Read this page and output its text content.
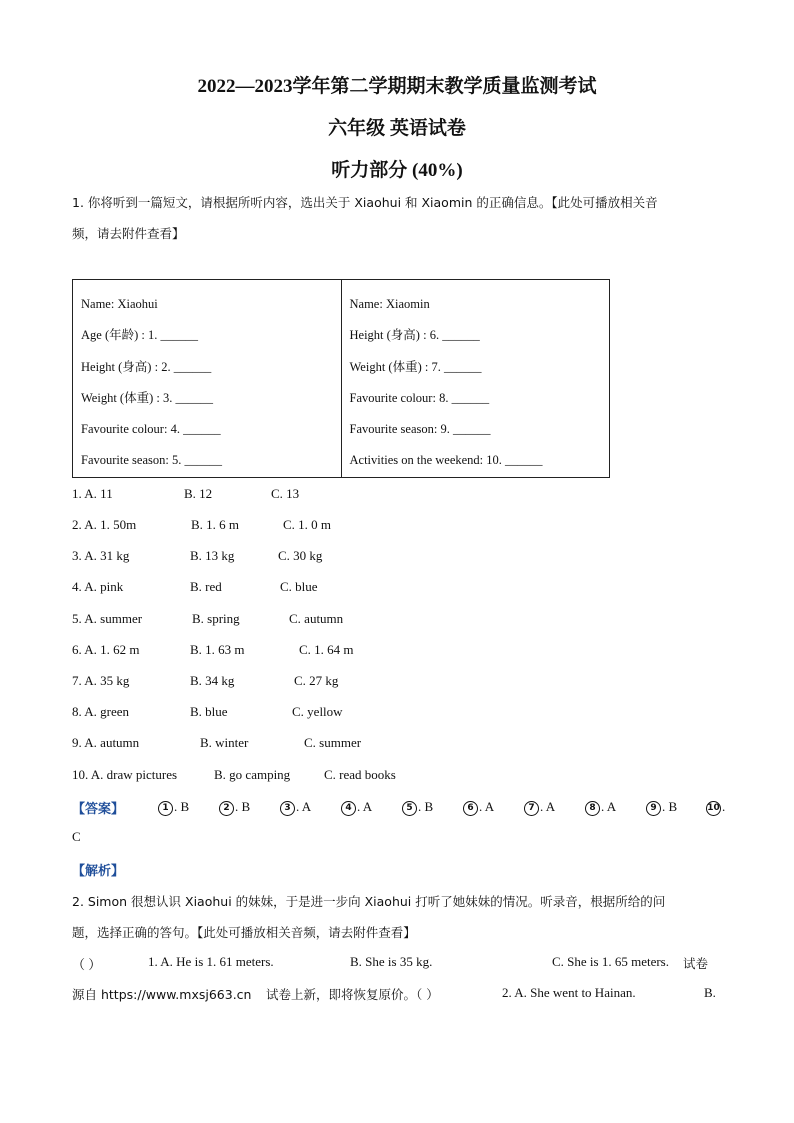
2022—2023学年第二学期期末教学质量监测考试
六年级 英语试卷
听力部分 (40%)
1. 你将听到一篇短文，请根据所听内容，选出关于 Xiaohui 和 Xiaomin 的正确信息。【此处可播放相关音
频，请去附件查看】
Name: Xiaohui
Age (年龄) : 1. ______
Height (身高) : 2. ______
Weight (体重) : 3. ______
Favourite colour: 4. ______
Favourite season: 5. ______

Name: Xiaomin
Height (身高) : 6. ______
Weight (体重) : 7. ______
Favourite colour: 8. ______
Favourite season: 9. ______
Activities on the weekend: 10. ______
1. A. 11	B. 12	C. 13
2. A. 1. 50m	B. 1. 6 m	C. 1. 0 m
3. A. 31 kg	B. 13 kg	C. 30 kg
4. A. pink	B. red	C. blue
5. A. summer	B. spring	C. autumn
6. A. 1. 62 m	B. 1. 63 m	C. 1. 64 m
7. A. 35 kg	B. 34 kg	C. 27 kg
8. A. green	B. blue	C. yellow
9. A. autumn	B. winter	C. summer
10. A. draw pictures	B. go camping	C. read books
【答案】	1 . B	2 . B	3 . A	4 . A	5 . B	6 . A	7 . A	8 . A	9 . B	10 .
C
【解析】
2. Simon 很想认识 Xiaohui 的妹妹，于是进一步向 Xiaohui 打听了她妹妹的情况。听录音，根据所给的问
题，选择正确的答句。【此处可播放相关音频，请去附件查看】
（ ）	1. A. He is 1. 61 meters.	B. She is 35 kg.	C. She is 1. 65 meters. 试卷
源自 https://www.mxsj663.cn 试卷上新，即将恢复原价。（ ）	2. A. She went to Hainan.	B.
